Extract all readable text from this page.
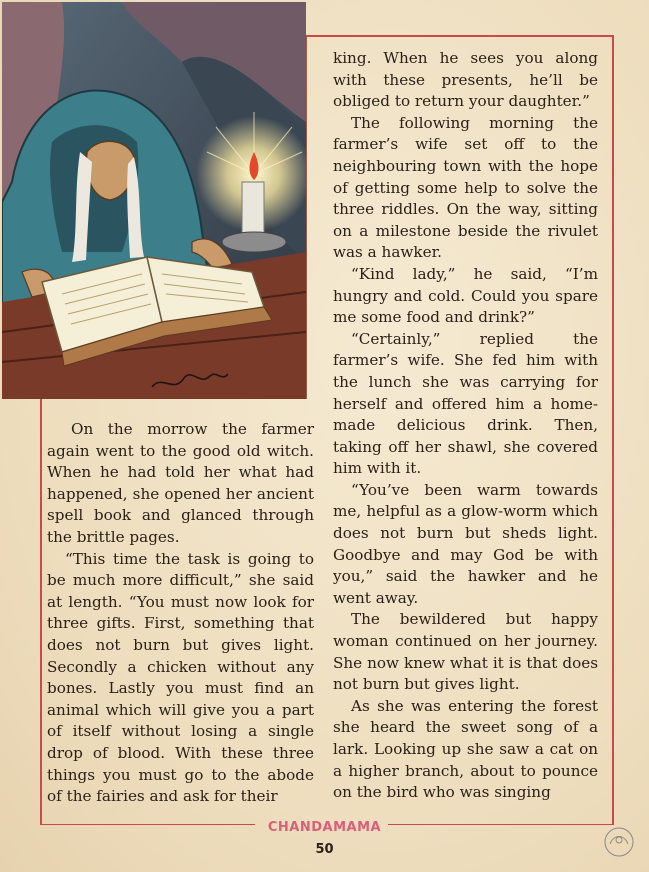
On the morrow the farmer again went to the good old witch. When he had told her what had happened, she opened her ancient spell book and glanced through the brittle pages.

“This time the task is going to be much more difficult,” she said at length. “You must now look for three gifts. First, something that does not burn but gives light. Secondly a chicken without any bones. Lastly you must find an animal which will give you a part of itself without losing a single drop of blood. With these three things you must go to the abode of the fairies and ask for their

king. When he sees you along with these presents, he’ll be obliged to return your daughter.”

The following morning the farmer’s wife set off to the neighbouring town with the hope of getting some help to solve the three riddles. On the way, sitting on a milestone beside the rivulet was a hawker.

“Kind lady,” he said, “I’m hungry and cold. Could you spare me some food and drink?”

“Certainly,” replied the farmer’s wife. She fed him with the lunch she was carrying for herself and offered him a home-made delicious drink. Then, taking off her shawl, she covered him with it.

“You’ve been warm towards me, helpful as a glow-worm which does not burn but sheds light. Goodbye and may God be with you,” said the hawker and he went away.

The bewildered but happy woman continued on her journey. She now knew what it is that does not burn but gives light.

As she was entering the forest she heard the sweet song of a lark. Looking up she saw a cat on a higher branch, about to pounce on the bird who was singing

CHANDAMAMA
50
